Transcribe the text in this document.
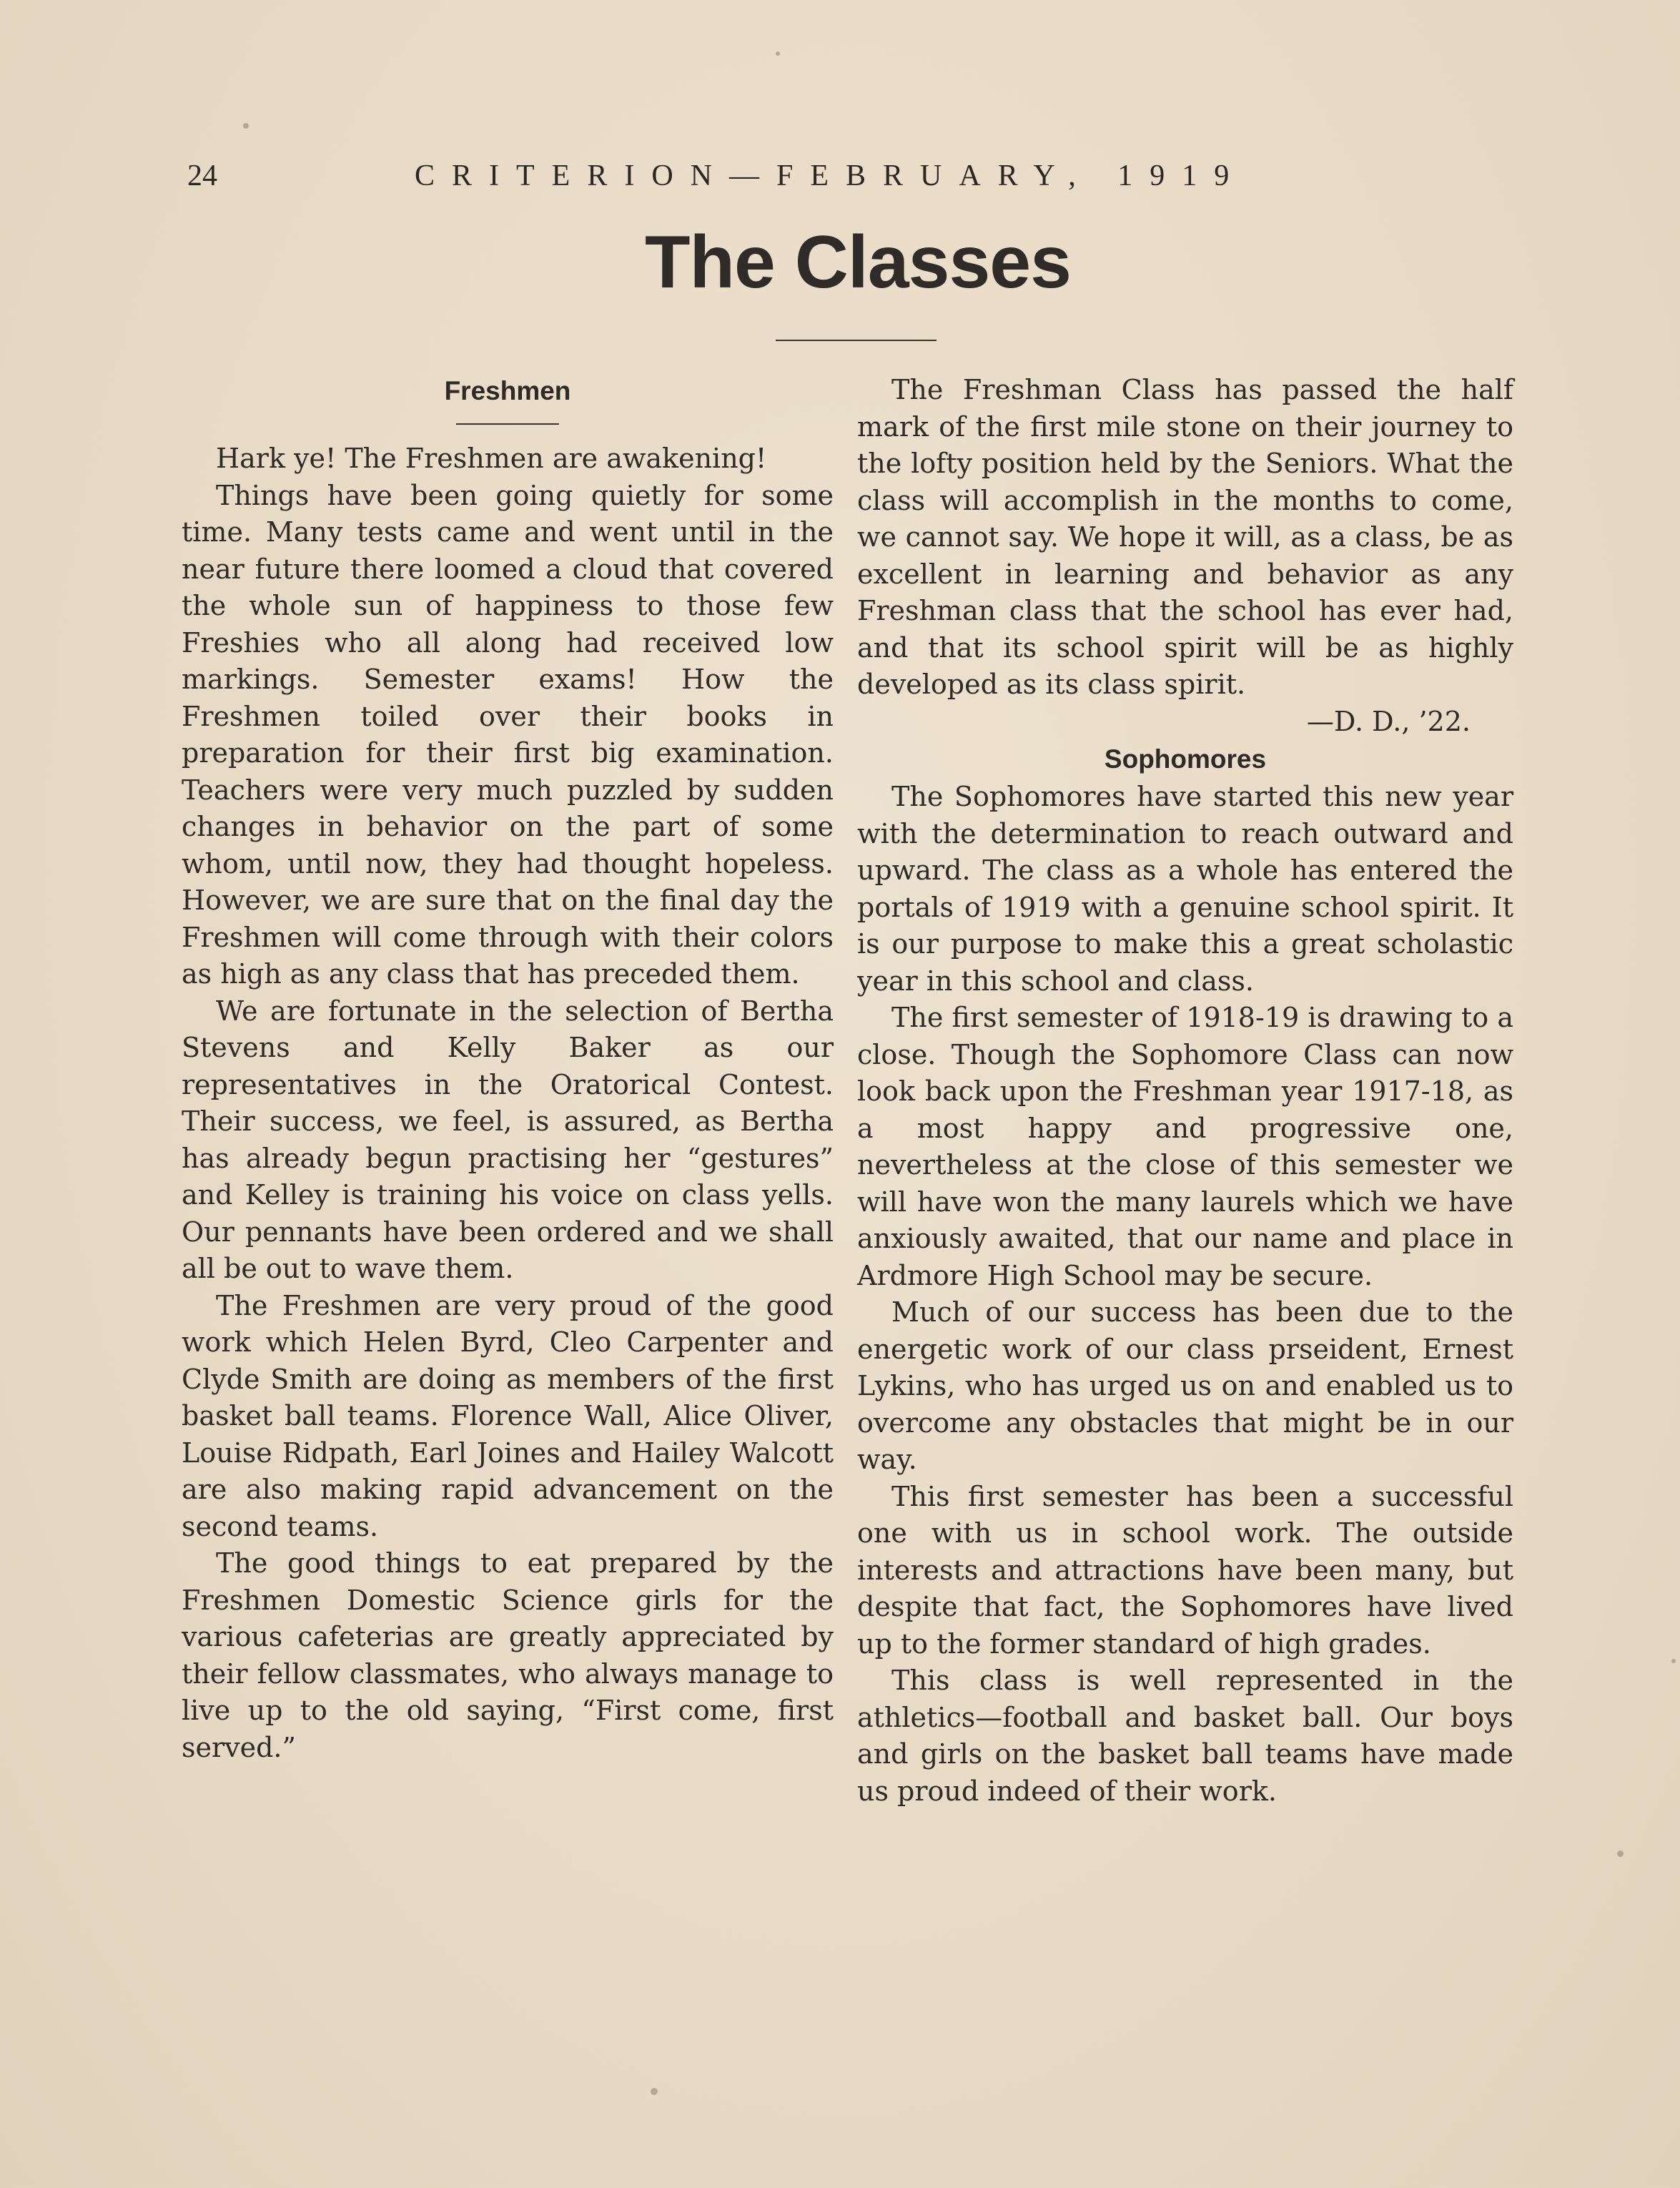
24	CRITERION—FEBRUARY, 1919
The Classes
Freshmen

Hark ye! The Freshmen are awakening!

Things have been going quietly for some time. Many tests came and went until in the near future there loomed a cloud that covered the whole sun of happiness to those few Freshies who all along had received low markings. Semester exams! How the Freshmen toiled over their books in preparation for their first big examination. Teachers were very much puzzled by sudden changes in behavior on the part of some whom, until now, they had thought hopeless. However, we are sure that on the final day the Freshmen will come through with their colors as high as any class that has preceded them.

We are fortunate in the selection of Bertha Stevens and Kelly Baker as our representatives in the Oratorical Contest. Their success, we feel, is assured, as Bertha has already begun practising her “gestures” and Kelley is training his voice on class yells. Our pennants have been ordered and we shall all be out to wave them.

The Freshmen are very proud of the good work which Helen Byrd, Cleo Carpenter and Clyde Smith are doing as members of the first basket ball teams. Florence Wall, Alice Oliver, Louise Ridpath, Earl Joines and Hailey Walcott are also making rapid advancement on the second teams.

The good things to eat prepared by the Freshmen Domestic Science girls for the various cafeterias are greatly appreciated by their fellow classmates, who always manage to live up to the old saying, “First come, first served.”

The Freshman Class has passed the half mark of the first mile stone on their journey to the lofty position held by the Seniors. What the class will accomplish in the months to come, we cannot say. We hope it will, as a class, be as excellent in learning and behavior as any Freshman class that the school has ever had, and that its school spirit will be as highly developed as its class spirit.

—D. D., ’22.
Sophomores

The Sophomores have started this new year with the determination to reach outward and upward. The class as a whole has entered the portals of 1919 with a genuine school spirit. It is our purpose to make this a great scholastic year in this school and class.

The first semester of 1918-19 is drawing to a close. Though the Sophomore Class can now look back upon the Freshman year 1917-18, as a most happy and progressive one, nevertheless at the close of this semester we will have won the many laurels which we have anxiously awaited, that our name and place in Ardmore High School may be secure.

Much of our success has been due to the energetic work of our class prseident, Ernest Lykins, who has urged us on and enabled us to overcome any obstacles that might be in our way.

This first semester has been a successful one with us in school work. The outside interests and attractions have been many, but despite that fact, the Sophomores have lived up to the former standard of high grades.

This class is well represented in the athletics—football and basket ball. Our boys and girls on the basket ball teams have made us proud indeed of their work.
